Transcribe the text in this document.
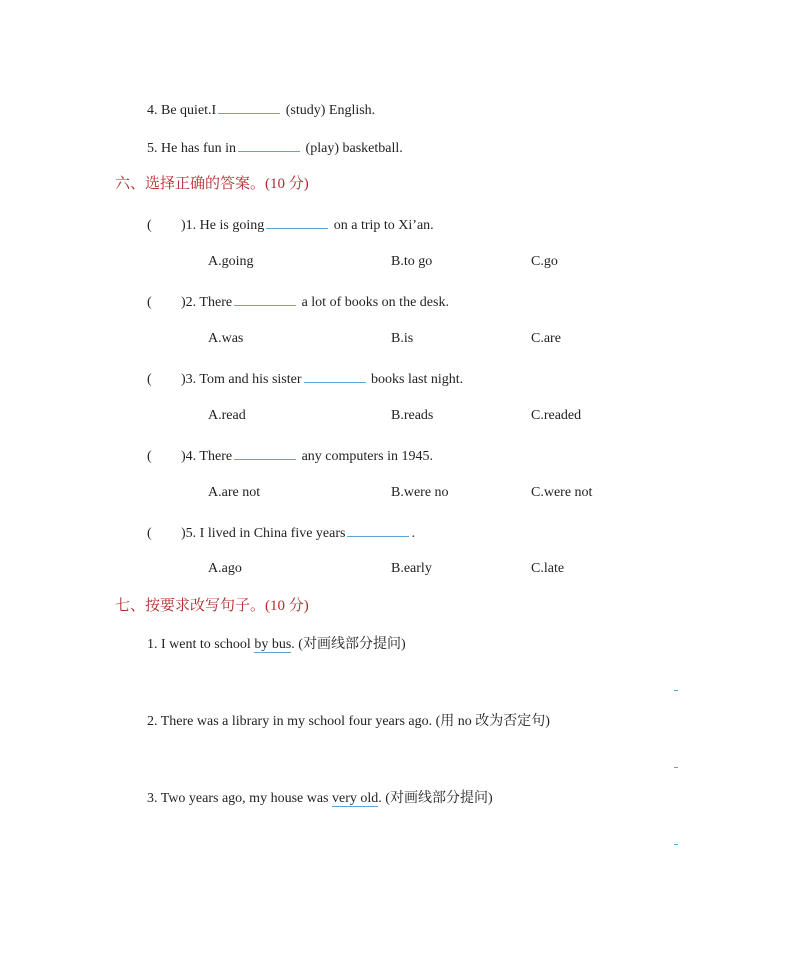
4. Be quiet.I	(study) English.
5. He has fun in	(play) basketball.
六、选择正确的答案。(10 分)
( )1. He is going	on a trip to Xi’an.
A.going	B.to go	C.go
( )2. There	a lot of books on the desk.
A.was	B.is	C.are
( )3. Tom and his sister	books last night.
A.read	B.reads	C.readed
( )4. There	any computers in 1945.
A.are not	B.were no	C.were not
( )5. I lived in China five years	.
A.ago	B.early	C.late
七、按要求改写句子。(10 分)
1. I went to school by bus. (对画线部分提问)
2. There was a library in my school four years ago. (用 no 改为否定句)
3. Two years ago, my house was very old. (对画线部分提问)
